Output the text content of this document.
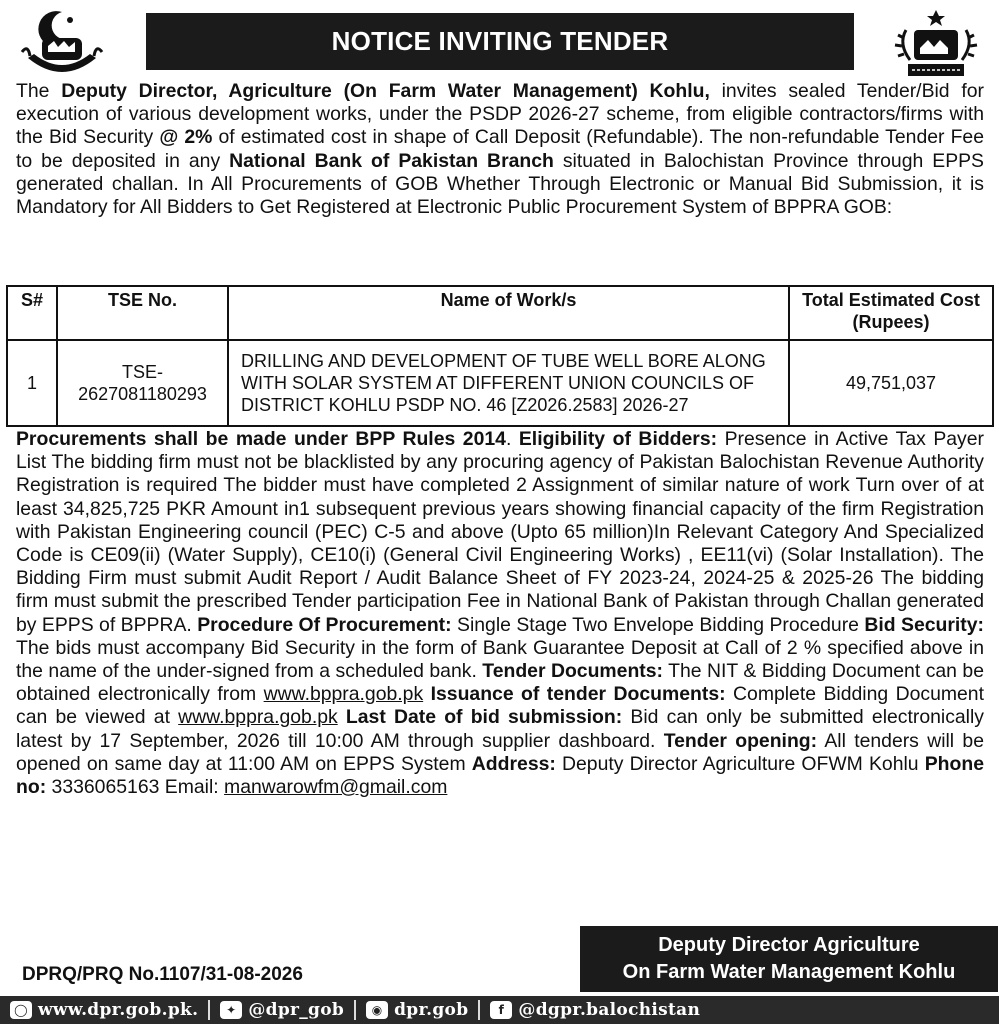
NOTICE INVITING TENDER
The Deputy Director, Agriculture (On Farm Water Management) Kohlu, invites sealed Tender/Bid for execution of various development works, under the PSDP 2026-27 scheme, from eligible contractors/firms with the Bid Security @ 2% of estimated cost in shape of Call Deposit (Refundable). The non-refundable Tender Fee to be deposited in any National Bank of Pakistan Branch situated in Balochistan Province through EPPS generated challan. In All Procurements of GOB Whether Through Electronic or Manual Bid Submission, it is Mandatory for All Bidders to Get Registered at Electronic Public Procurement System of BPPRA GOB:
S#	TSE No.	Name of Work/s	Total Estimated Cost (Rupees)
1	TSE-2627081180293	DRILLING AND DEVELOPMENT OF TUBE WELL BORE ALONG WITH SOLAR SYSTEM AT DIFFERENT UNION COUNCILS OF DISTRICT KOHLU PSDP NO. 46 [Z2026.2583] 2026-27	49,751,037
Procurements shall be made under BPP Rules 2014. Eligibility of Bidders: Presence in Active Tax Payer List The bidding firm must not be blacklisted by any procuring agency of Pakistan Balochistan Revenue Authority Registration is required The bidder must have completed 2 Assignment of similar nature of work Turn over of at least 34,825,725 PKR Amount in1 subsequent previous years showing financial capacity of the firm Registration with Pakistan Engineering council (PEC) C-5 and above (Upto 65 million)In Relevant Category And Specialized Code is CE09(ii) (Water Supply), CE10(i) (General Civil Engineering Works) , EE11(vi) (Solar Installation). The Bidding Firm must submit Audit Report / Audit Balance Sheet of FY 2023-24, 2024-25 & 2025-26 The bidding firm must submit the prescribed Tender participation Fee in National Bank of Pakistan through Challan generated by EPPS of BPPRA. Procedure Of Procurement: Single Stage Two Envelope Bidding Procedure Bid Security: The bids must accompany Bid Security in the form of Bank Guarantee Deposit at Call of 2 % specified above in the name of the under-signed from a scheduled bank. Tender Documents: The NIT & Bidding Document can be obtained electronically from www.bppra.gob.pk Issuance of tender Documents: Complete Bidding Document can be viewed at www.bppra.gob.pk Last Date of bid submission: Bid can only be submitted electronically latest by 17 September, 2026 till 10:00 AM through supplier dashboard. Tender opening: All tenders will be opened on same day at 11:00 AM on EPPS System Address: Deputy Director Agriculture OFWM Kohlu Phone no: 3336065163 Email: manwarowfm@gmail.com
Deputy Director Agriculture
On Farm Water Management Kohlu
DPRQ/PRQ No.1107/31-08-2026
◯ www.dpr.gob.pk.	✦ @dpr_gob	◉ dpr.gob	f @dgpr.balochistan
